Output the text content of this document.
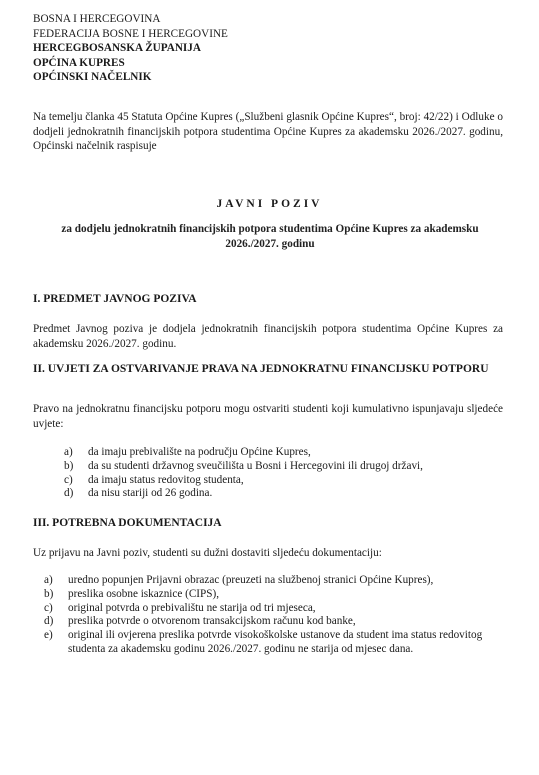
BOSNA I HERCEGOVINA
FEDERACIJA BOSNE I HERCEGOVINE
HERCEGBOSANSKA ŽUPANIJA
OPĆINA KUPRES
OPĆINSKI NAČELNIK
Na temelju članka 45 Statuta Općine Kupres („Službeni glasnik Općine Kupres“, broj: 42/22) i Odluke o dodjeli jednokratnih financijskih potpora studentima Općine Kupres za akademsku 2026./2027. godinu, Općinski načelnik raspisuje
JAVNI POZIV
za dodjelu jednokratnih financijskih potpora studentima Općine Kupres za akademsku 2026./2027. godinu
I. PREDMET JAVNOG POZIVA
Predmet Javnog poziva je dodjela jednokratnih financijskih potpora studentima Općine Kupres za akademsku 2026./2027. godinu.
II. UVJETI ZA OSTVARIVANJE PRAVA NA JEDNOKRATNU FINANCIJSKU POTPORU
Pravo na jednokratnu financijsku potporu mogu ostvariti studenti koji kumulativno ispunjavaju sljedeće uvjete:
a) da imaju prebivalište na području Općine Kupres,
b) da su studenti državnog sveučilišta u Bosni i Hercegovini ili drugoj državi,
c) da imaju status redovitog studenta,
d) da nisu stariji od 26 godina.
III. POTREBNA DOKUMENTACIJA
Uz prijavu na Javni poziv, studenti su dužni dostaviti sljedeću dokumentaciju:
a) uredno popunjen Prijavni obrazac (preuzeti na službenoj stranici Općine Kupres),
b) preslika osobne iskaznice (CIPS),
c) original potvrda o prebivalištu ne starija od tri mjeseca,
d) preslika potvrde o otvorenom transakcijskom računu kod banke,
e) original ili ovjerena preslika potvrde visokoškolske ustanove da student ima status redovitog studenta za akademsku godinu 2026./2027. godinu ne starija od mjesec dana.
